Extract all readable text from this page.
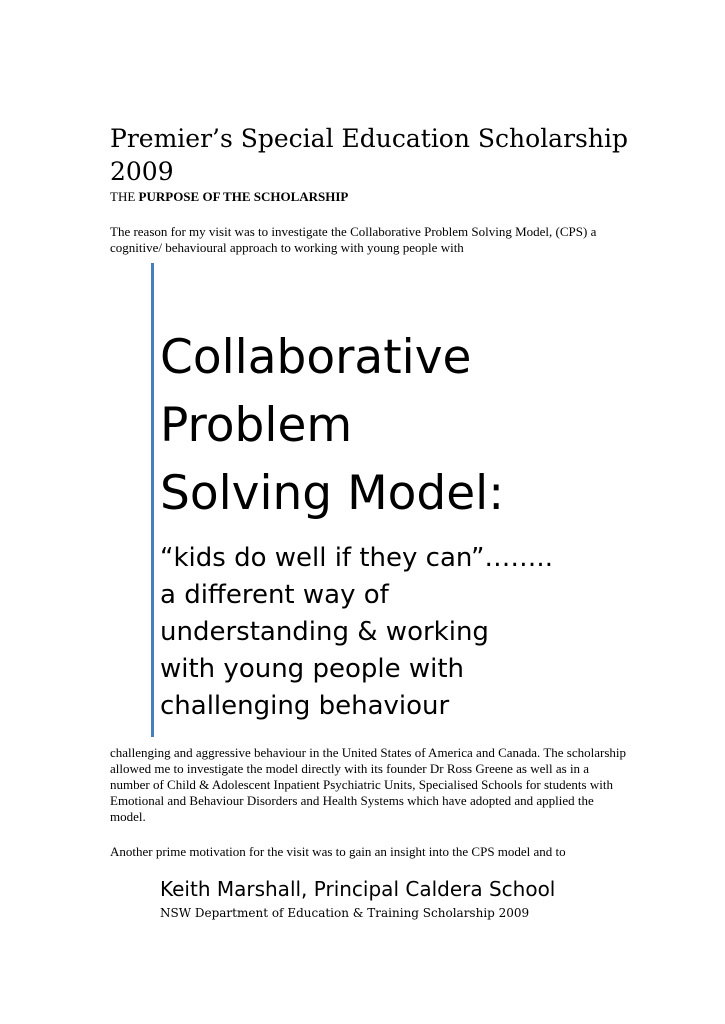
Premier’s Special Education Scholarship 2009

THE PURPOSE OF THE SCHOLARSHIP

The reason for my visit was to investigate the Collaborative Problem Solving Model, (CPS) a cognitive/ behavioural approach to working with young people with

Collaborative
Problem
Solving Model:

“kids do well if they can”……..
a different way of
understanding & working
with young people with
challenging behaviour

challenging and aggressive behaviour in the United States of America and Canada. The scholarship allowed me to investigate the model directly with its founder Dr Ross Greene as well as in a number of Child & Adolescent Inpatient Psychiatric Units, Specialised Schools for students with Emotional and Behaviour Disorders and Health Systems which have adopted and applied the model.

Another prime motivation for the visit was to gain an insight into the CPS model and to

Keith Marshall, Principal Caldera School

NSW Department of Education & Training Scholarship 2009
